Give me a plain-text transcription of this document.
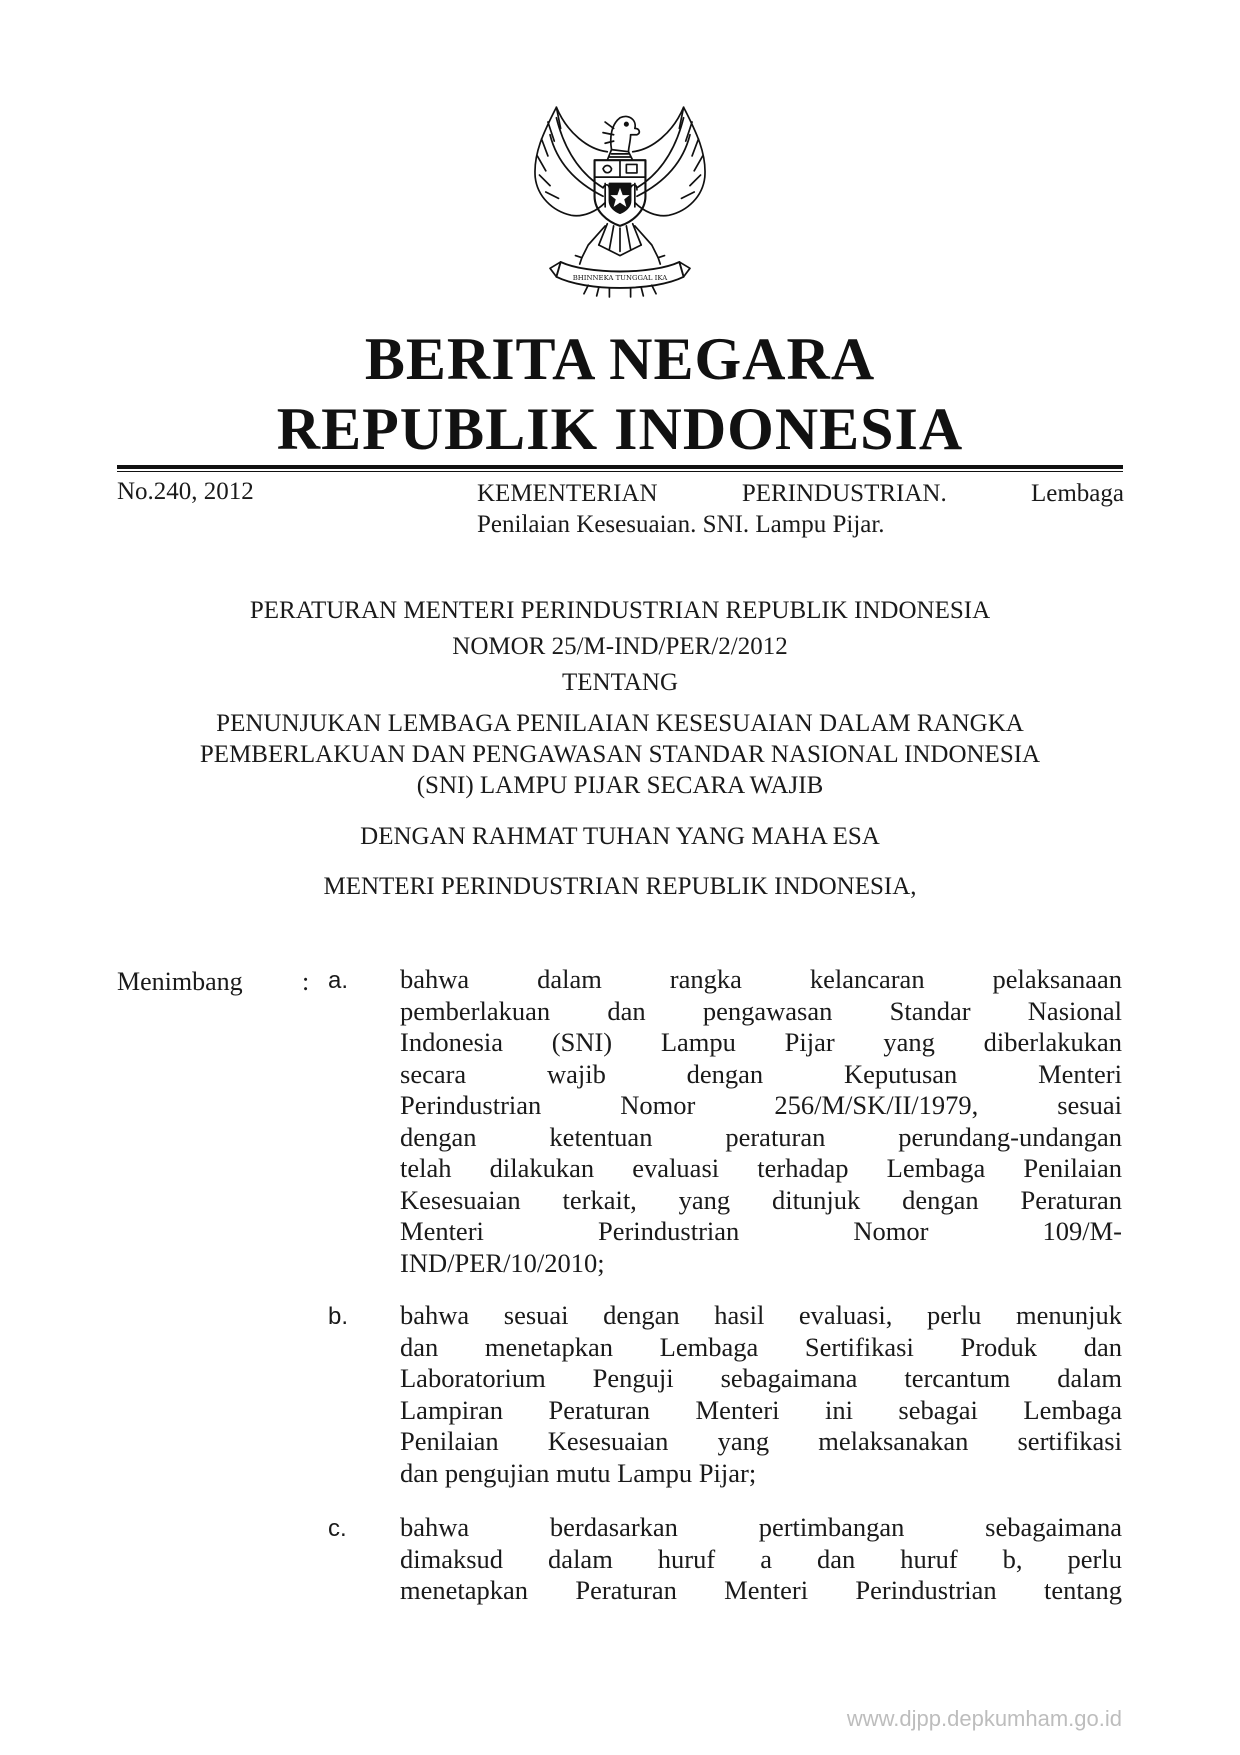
BHINNEKA TUNGGAL IKA
BERITA NEGARA
REPUBLIK INDONESIA
No.240, 2012	KEMENTERIAN PERINDUSTRIAN. Lembaga
Penilaian Kesesuaian. SNI. Lampu Pijar.
PERATURAN MENTERI PERINDUSTRIAN REPUBLIK INDONESIA
NOMOR 25/M-IND/PER/2/2012
TENTANG
PENUNJUKAN LEMBAGA PENILAIAN KESESUAIAN DALAM RANGKA
PEMBERLAKUAN DAN PENGAWASAN STANDAR NASIONAL INDONESIA
(SNI) LAMPU PIJAR SECARA WAJIB
DENGAN RAHMAT TUHAN YANG MAHA ESA
MENTERI PERINDUSTRIAN REPUBLIK INDONESIA,
Menimbang : a. bahwa dalam rangka kelancaran pelaksanaan
pemberlakuan dan pengawasan Standar Nasional
Indonesia (SNI) Lampu Pijar yang diberlakukan
secara wajib dengan Keputusan Menteri
Perindustrian Nomor 256/M/SK/II/1979, sesuai
dengan ketentuan peraturan perundang-undangan
telah dilakukan evaluasi terhadap Lembaga Penilaian
Kesesuaian terkait, yang ditunjuk dengan Peraturan
Menteri Perindustrian Nomor 109/M-
IND/PER/10/2010;
b. bahwa sesuai dengan hasil evaluasi, perlu menunjuk
dan menetapkan Lembaga Sertifikasi Produk dan
Laboratorium Penguji sebagaimana tercantum dalam
Lampiran Peraturan Menteri ini sebagai Lembaga
Penilaian Kesesuaian yang melaksanakan sertifikasi
dan pengujian mutu Lampu Pijar;
c. bahwa berdasarkan pertimbangan sebagaimana
dimaksud dalam huruf a dan huruf b, perlu
menetapkan Peraturan Menteri Perindustrian tentang
www.djpp.depkumham.go.id
